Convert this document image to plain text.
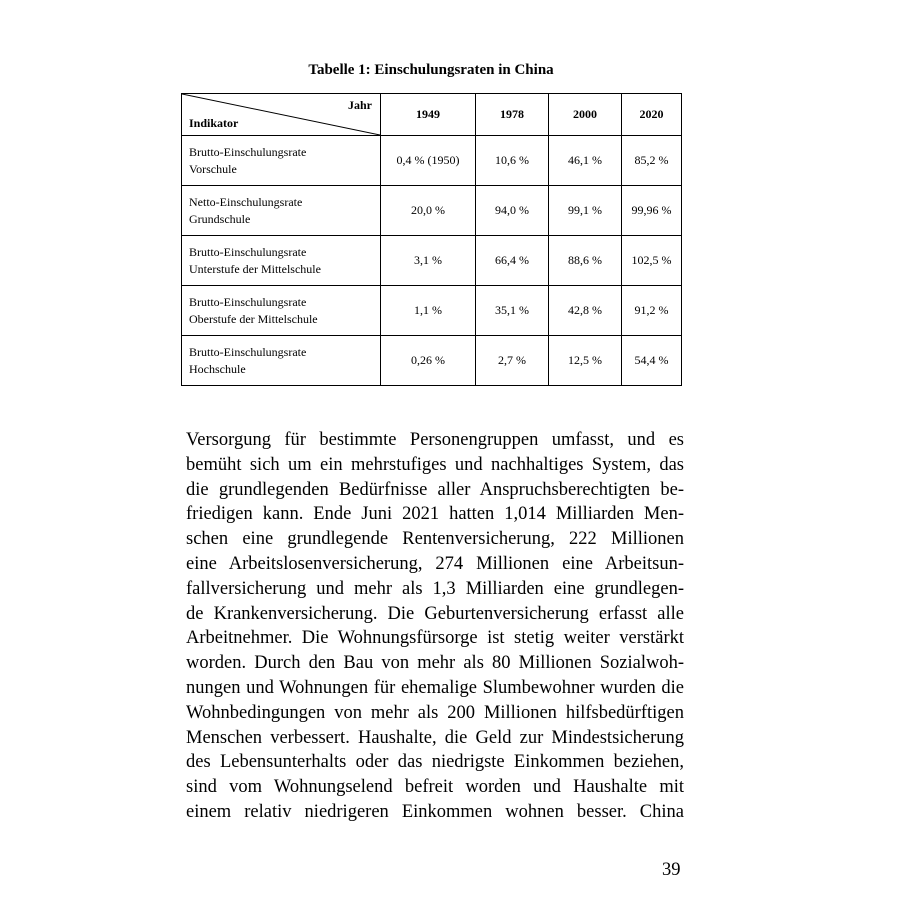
Tabelle 1: Einschulungsraten in China
Jahr
Indikator	1949	1978	2000	2020
Brutto-Einschulungsrate
Vorschule	0,4 % (1950)	10,6 %	46,1 %	85,2 %
Netto-Einschulungsrate
Grundschule	20,0 %	94,0 %	99,1 %	99,96 %
Brutto-Einschulungsrate
Unterstufe der Mittelschule	3,1 %	66,4 %	88,6 %	102,5 %
Brutto-Einschulungsrate
Oberstufe der Mittelschule	1,1 %	35,1 %	42,8 %	91,2 %
Brutto-Einschulungsrate
Hochschule	0,26 %	2,7 %	12,5 %	54,4 %
Versorgung für bestimmte Personengruppen umfasst, und es
bemüht sich um ein mehrstufiges und nachhaltiges System, das
die grundlegenden Bedürfnisse aller Anspruchsberechtigten be-
friedigen kann. Ende Juni 2021 hatten 1,014 Milliarden Men-
schen eine grundlegende Rentenversicherung, 222 Millionen
eine Arbeitslosenversicherung, 274 Millionen eine Arbeitsun-
fallversicherung und mehr als 1,3 Milliarden eine grundlegen-
de Krankenversicherung. Die Geburtenversicherung erfasst alle
Arbeitnehmer. Die Wohnungsfürsorge ist stetig weiter verstärkt
worden. Durch den Bau von mehr als 80 Millionen Sozialwoh-
nungen und Wohnungen für ehemalige Slumbewohner wurden die
Wohnbedingungen von mehr als 200 Millionen hilfsbedürftigen
Menschen verbessert. Haushalte, die Geld zur Mindestsicherung
des Lebensunterhalts oder das niedrigste Einkommen beziehen,
sind vom Wohnungselend befreit worden und Haushalte mit
einem relativ niedrigeren Einkommen wohnen besser. China
39
